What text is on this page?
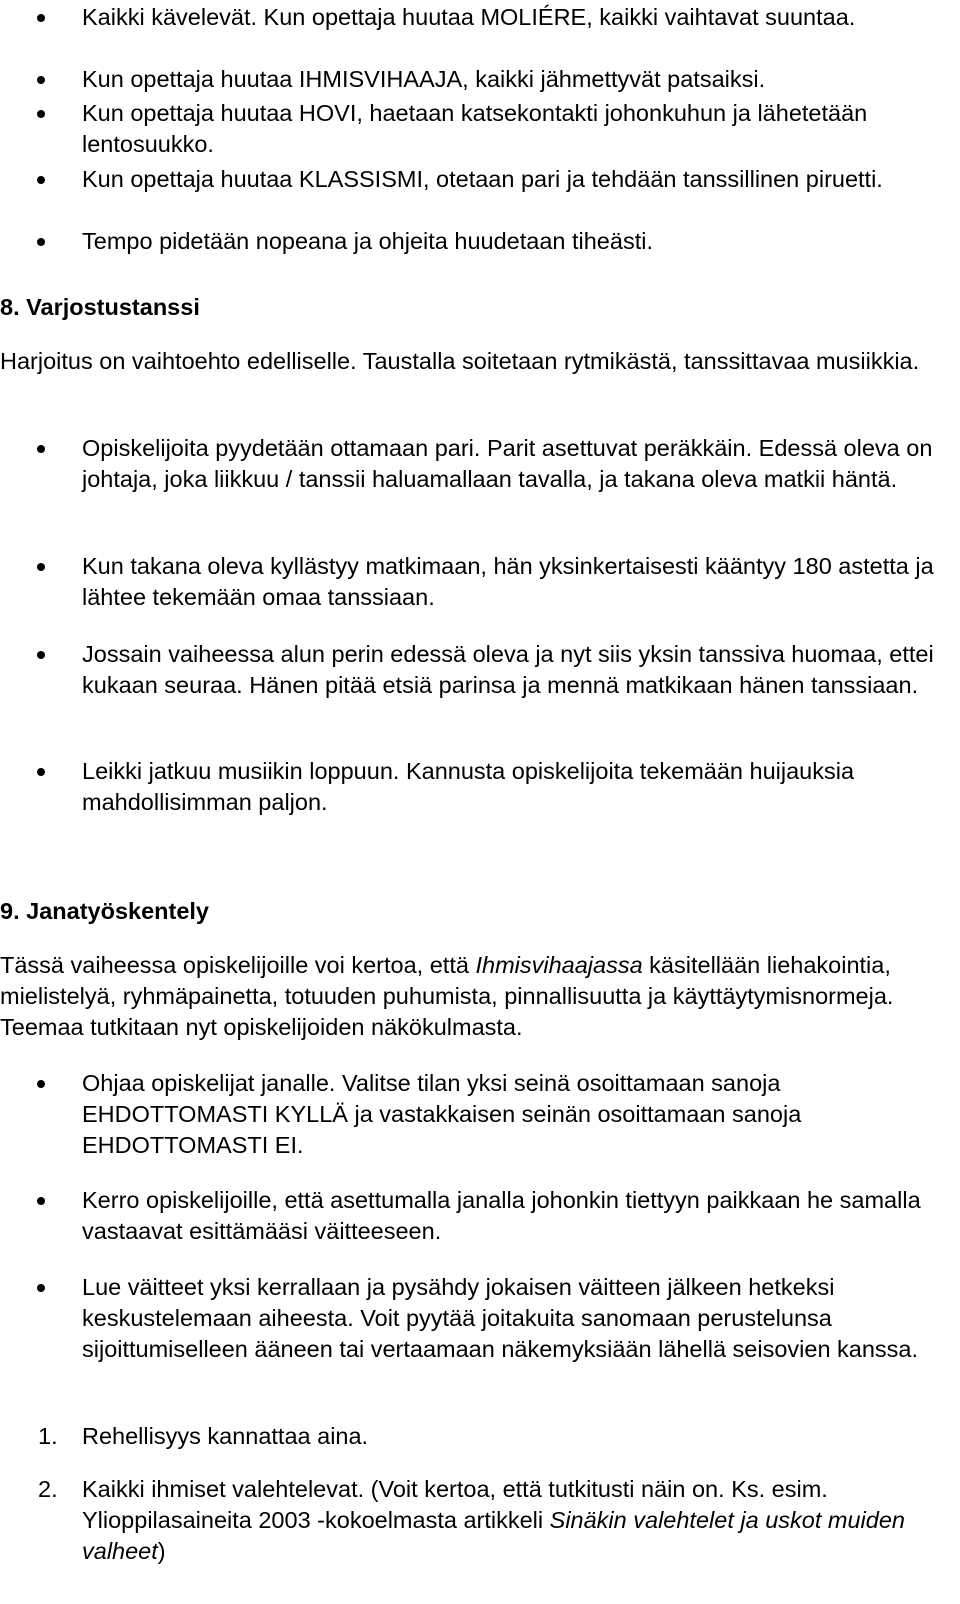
Kaikki kävelevät. Kun opettaja huutaa MOLIÉRE, kaikki vaihtavat suuntaa.
Kun opettaja huutaa IHMISVIHAAJA, kaikki jähmettyvät patsaiksi.
Kun opettaja huutaa HOVI, haetaan katsekontakti johonkuhun ja lähetetään lentosuukko.
Kun opettaja huutaa KLASSISMI, otetaan pari ja tehdään tanssillinen piruetti.
Tempo pidetään nopeana ja ohjeita huudetaan tiheästi.
8. Varjostustanssi
Harjoitus on vaihtoehto edelliselle. Taustalla soitetaan rytmikästä, tanssittavaa musiikkia.
Opiskelijoita pyydetään ottamaan pari. Parit asettuvat peräkkäin. Edessä oleva on johtaja, joka liikkuu / tanssii haluamallaan tavalla, ja takana oleva matkii häntä.
Kun takana oleva kyllästyy matkimaan, hän yksinkertaisesti kääntyy 180 astetta ja lähtee tekemään omaa tanssiaan.
Jossain vaiheessa alun perin edessä oleva ja nyt siis yksin tanssiva huomaa, ettei kukaan seuraa. Hänen pitää etsiä parinsa ja mennä matkikaan hänen tanssiaan.
Leikki jatkuu musiikin loppuun. Kannusta opiskelijoita tekemään huijauksia mahdollisimman paljon.
9. Janatyöskentely
Tässä vaiheessa opiskelijoille voi kertoa, että Ihmisvihaajassa käsitellään liehakointia, mielistelyä, ryhmäpainetta, totuuden puhumista, pinnallisuutta ja käyttäytymisnormeja. Teemaa tutkitaan nyt opiskelijoiden näkökulmasta.
Ohjaa opiskelijat janalle. Valitse tilan yksi seinä osoittamaan sanoja EHDOTTOMASTI KYLLÄ ja vastakkaisen seinän osoittamaan sanoja EHDOTTOMASTI EI.
Kerro opiskelijoille, että asettumalla janalla johonkin tiettyyn paikkaan he samalla vastaavat esittämääsi väitteeseen.
Lue väitteet yksi kerrallaan ja pysähdy jokaisen väitteen jälkeen hetkeksi keskustelemaan aiheesta. Voit pyytää joitakuita sanomaan perustelunsa sijoittumiselleen ääneen tai vertaamaan näkemyksiään lähellä seisovien kanssa.
1. Rehellisyys kannattaa aina.
2. Kaikki ihmiset valehtelevat. (Voit kertoa, että tutkitusti näin on. Ks. esim. Ylioppilasaineita 2003 -kokoelmasta artikkeli Sinäkin valehtelet ja uskot muiden valheet)
